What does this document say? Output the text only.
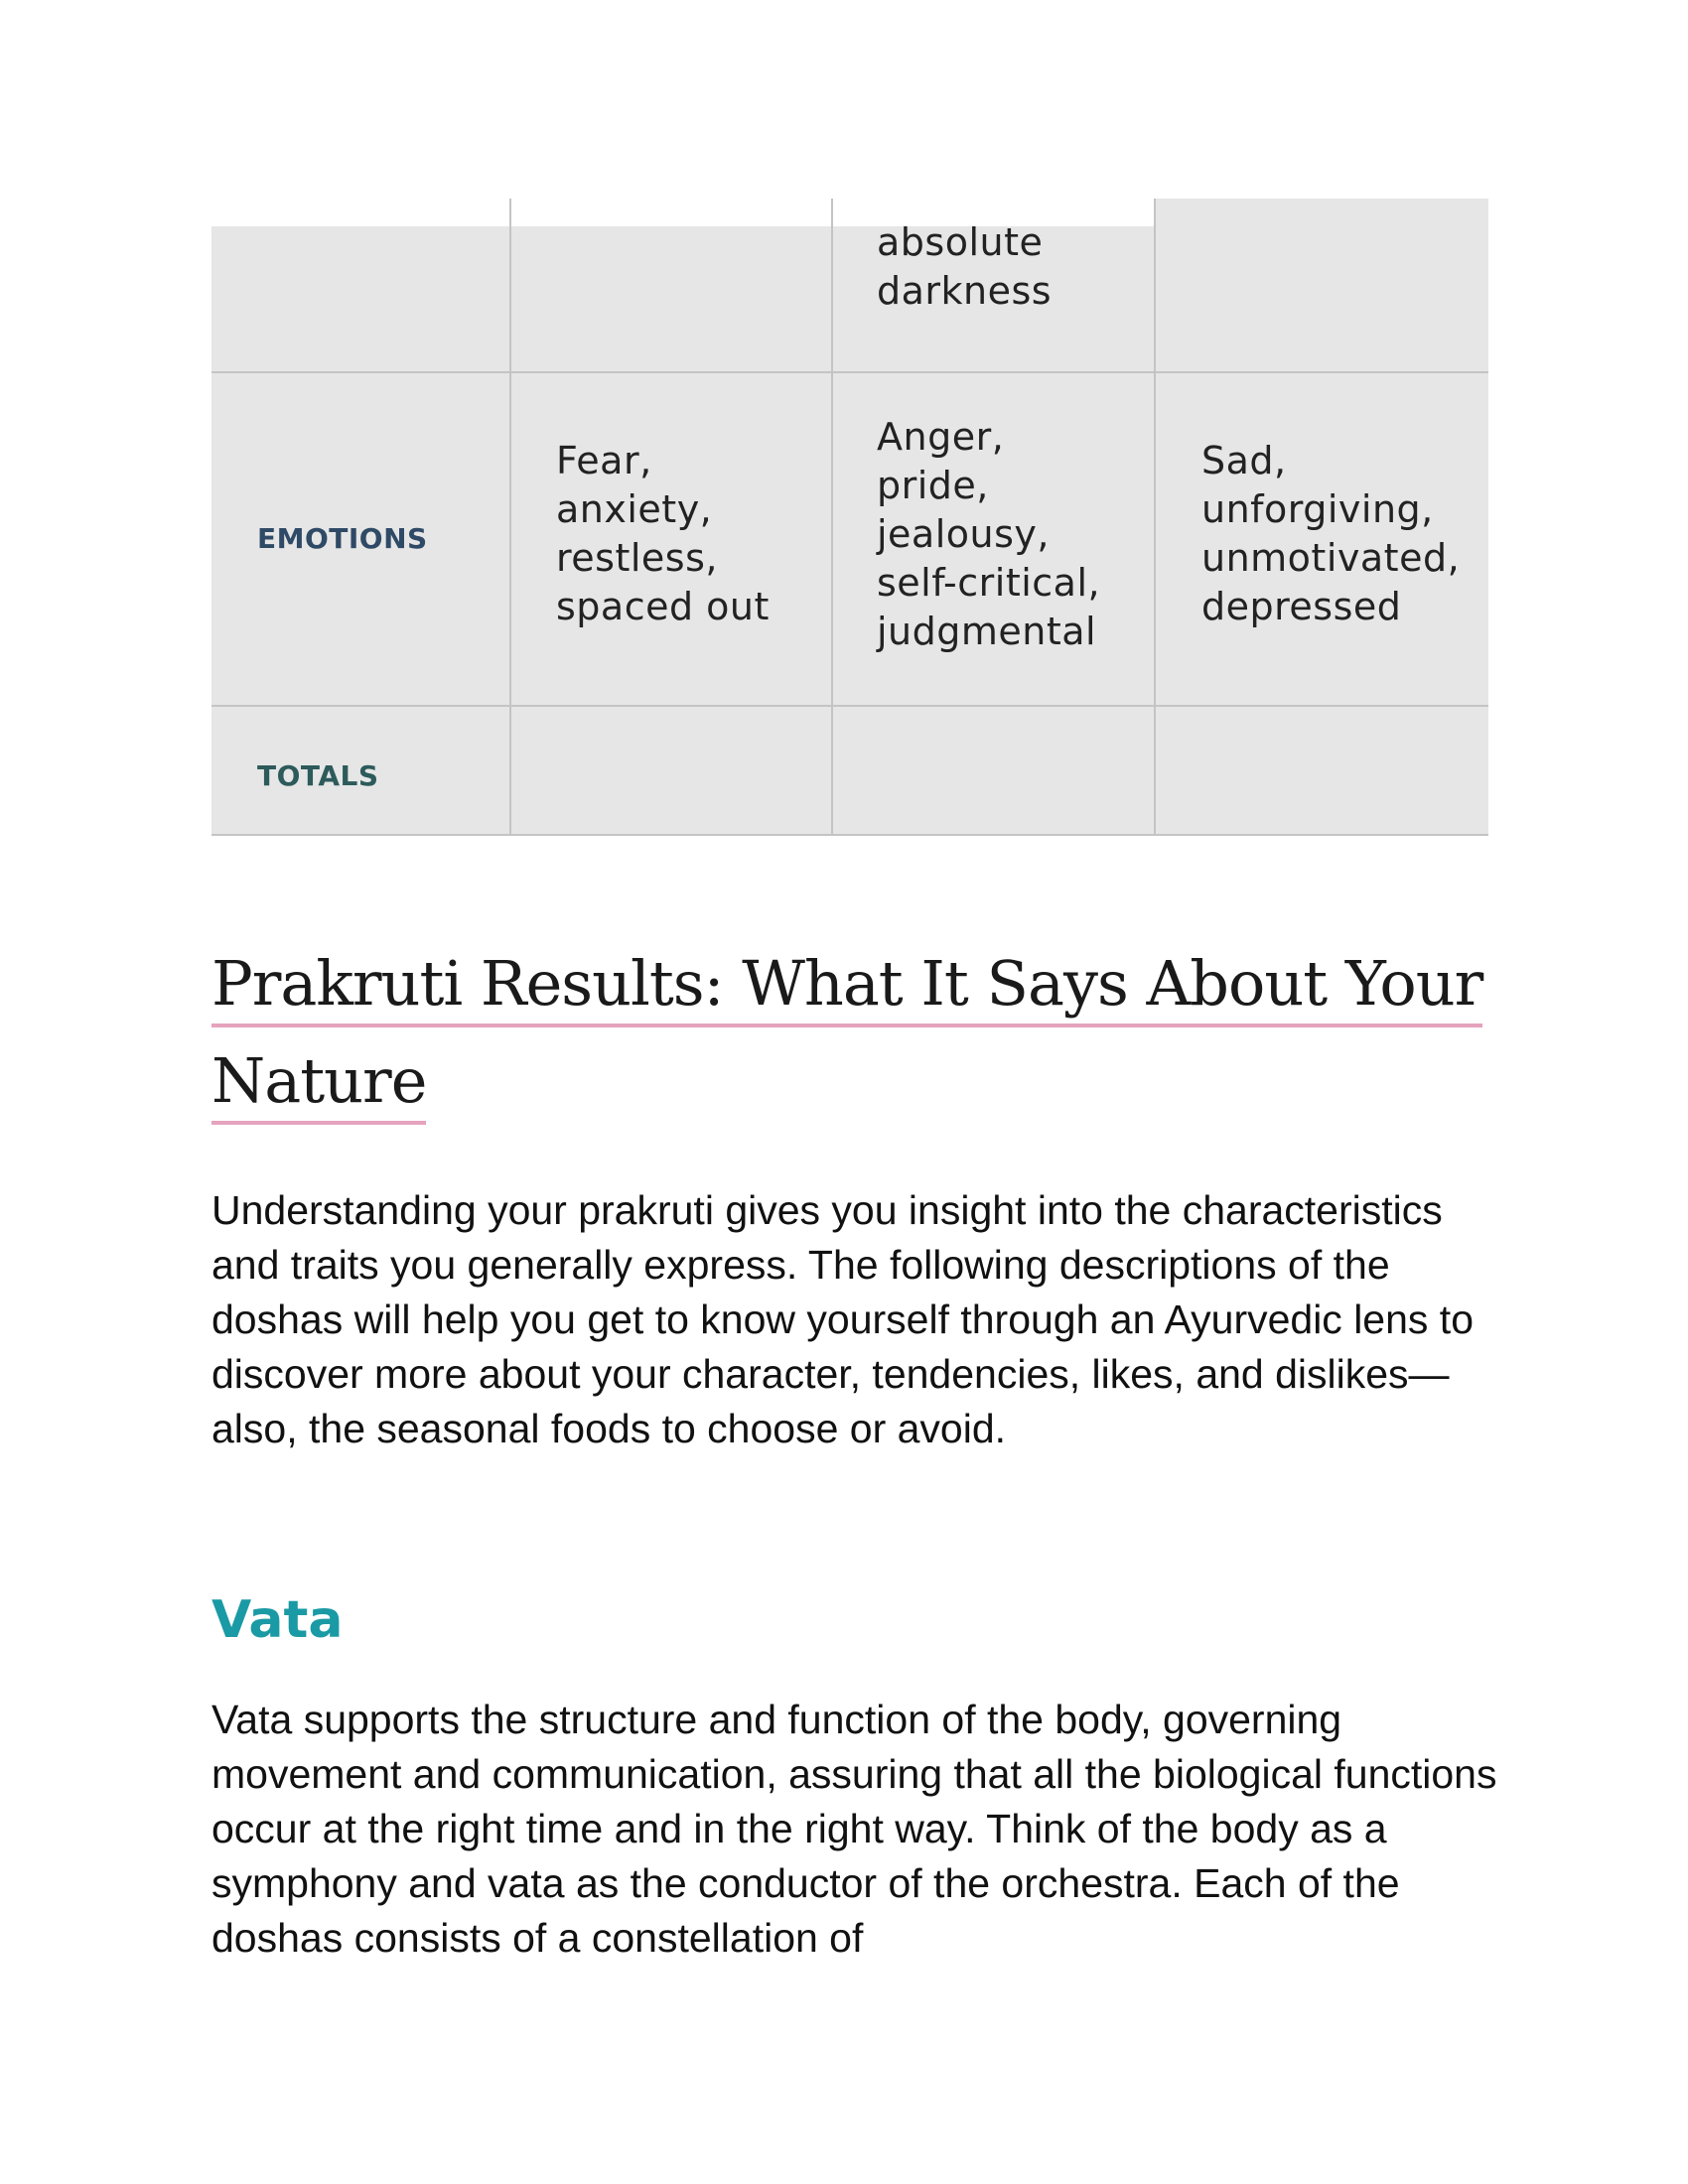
absolute
darkness

EMOTIONS

Fear,
anxiety,
restless,
spaced out

Anger,
pride,
jealousy,
self-critical,
judgmental

Sad,
unforgiving,
unmotivated,
depressed

TOTALS
Prakruti Results: What It Says About Your
Nature

Understanding your prakruti gives you insight into the characteristics and traits you generally express. The following descriptions of the doshas will help you get to know yourself through an Ayurvedic lens to discover more about your character, tendencies, likes, and dislikes—also, the seasonal foods to choose or avoid.

Vata

Vata supports the structure and function of the body, governing movement and communication, assuring that all the biological functions occur at the right time and in the right way. Think of the body as a symphony and vata as the conductor of the orchestra. Each of the doshas consists of a constellation of
